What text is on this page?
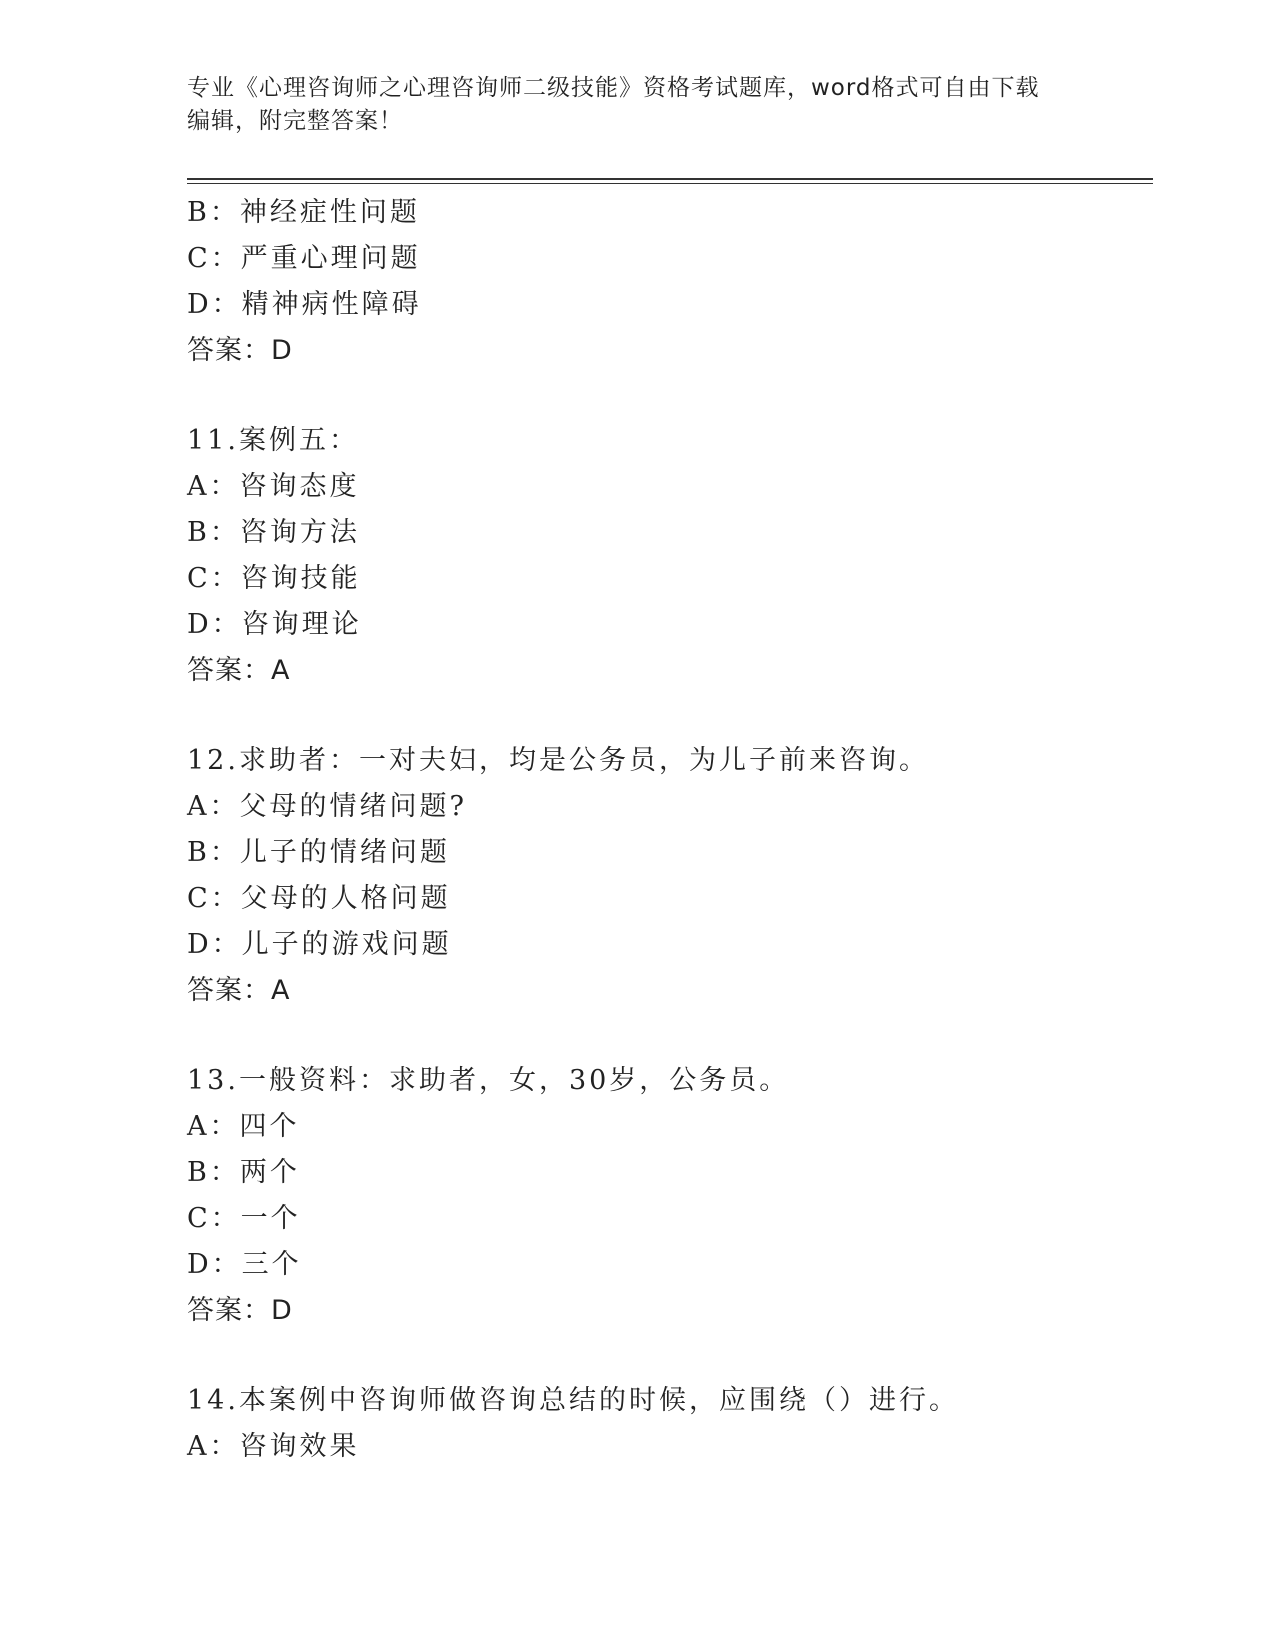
专业《心理咨询师之心理咨询师二级技能》资格考试题库，word格式可自由下载
编辑，附完整答案！
B：神经症性问题
C：严重心理问题
D：精神病性障碍
答案：D
11.案例五：
A：咨询态度
B：咨询方法
C：咨询技能
D：咨询理论
答案：A
12.求助者：一对夫妇，均是公务员，为儿子前来咨询。
A：父母的情绪问题?
B：儿子的情绪问题
C：父母的人格问题
D：儿子的游戏问题
答案：A
13.一般资料：求助者，女，30岁，公务员。
A：四个
B：两个
C：一个
D：三个
答案：D
14.本案例中咨询师做咨询总结的时候，应围绕（）进行。
A：咨询效果
